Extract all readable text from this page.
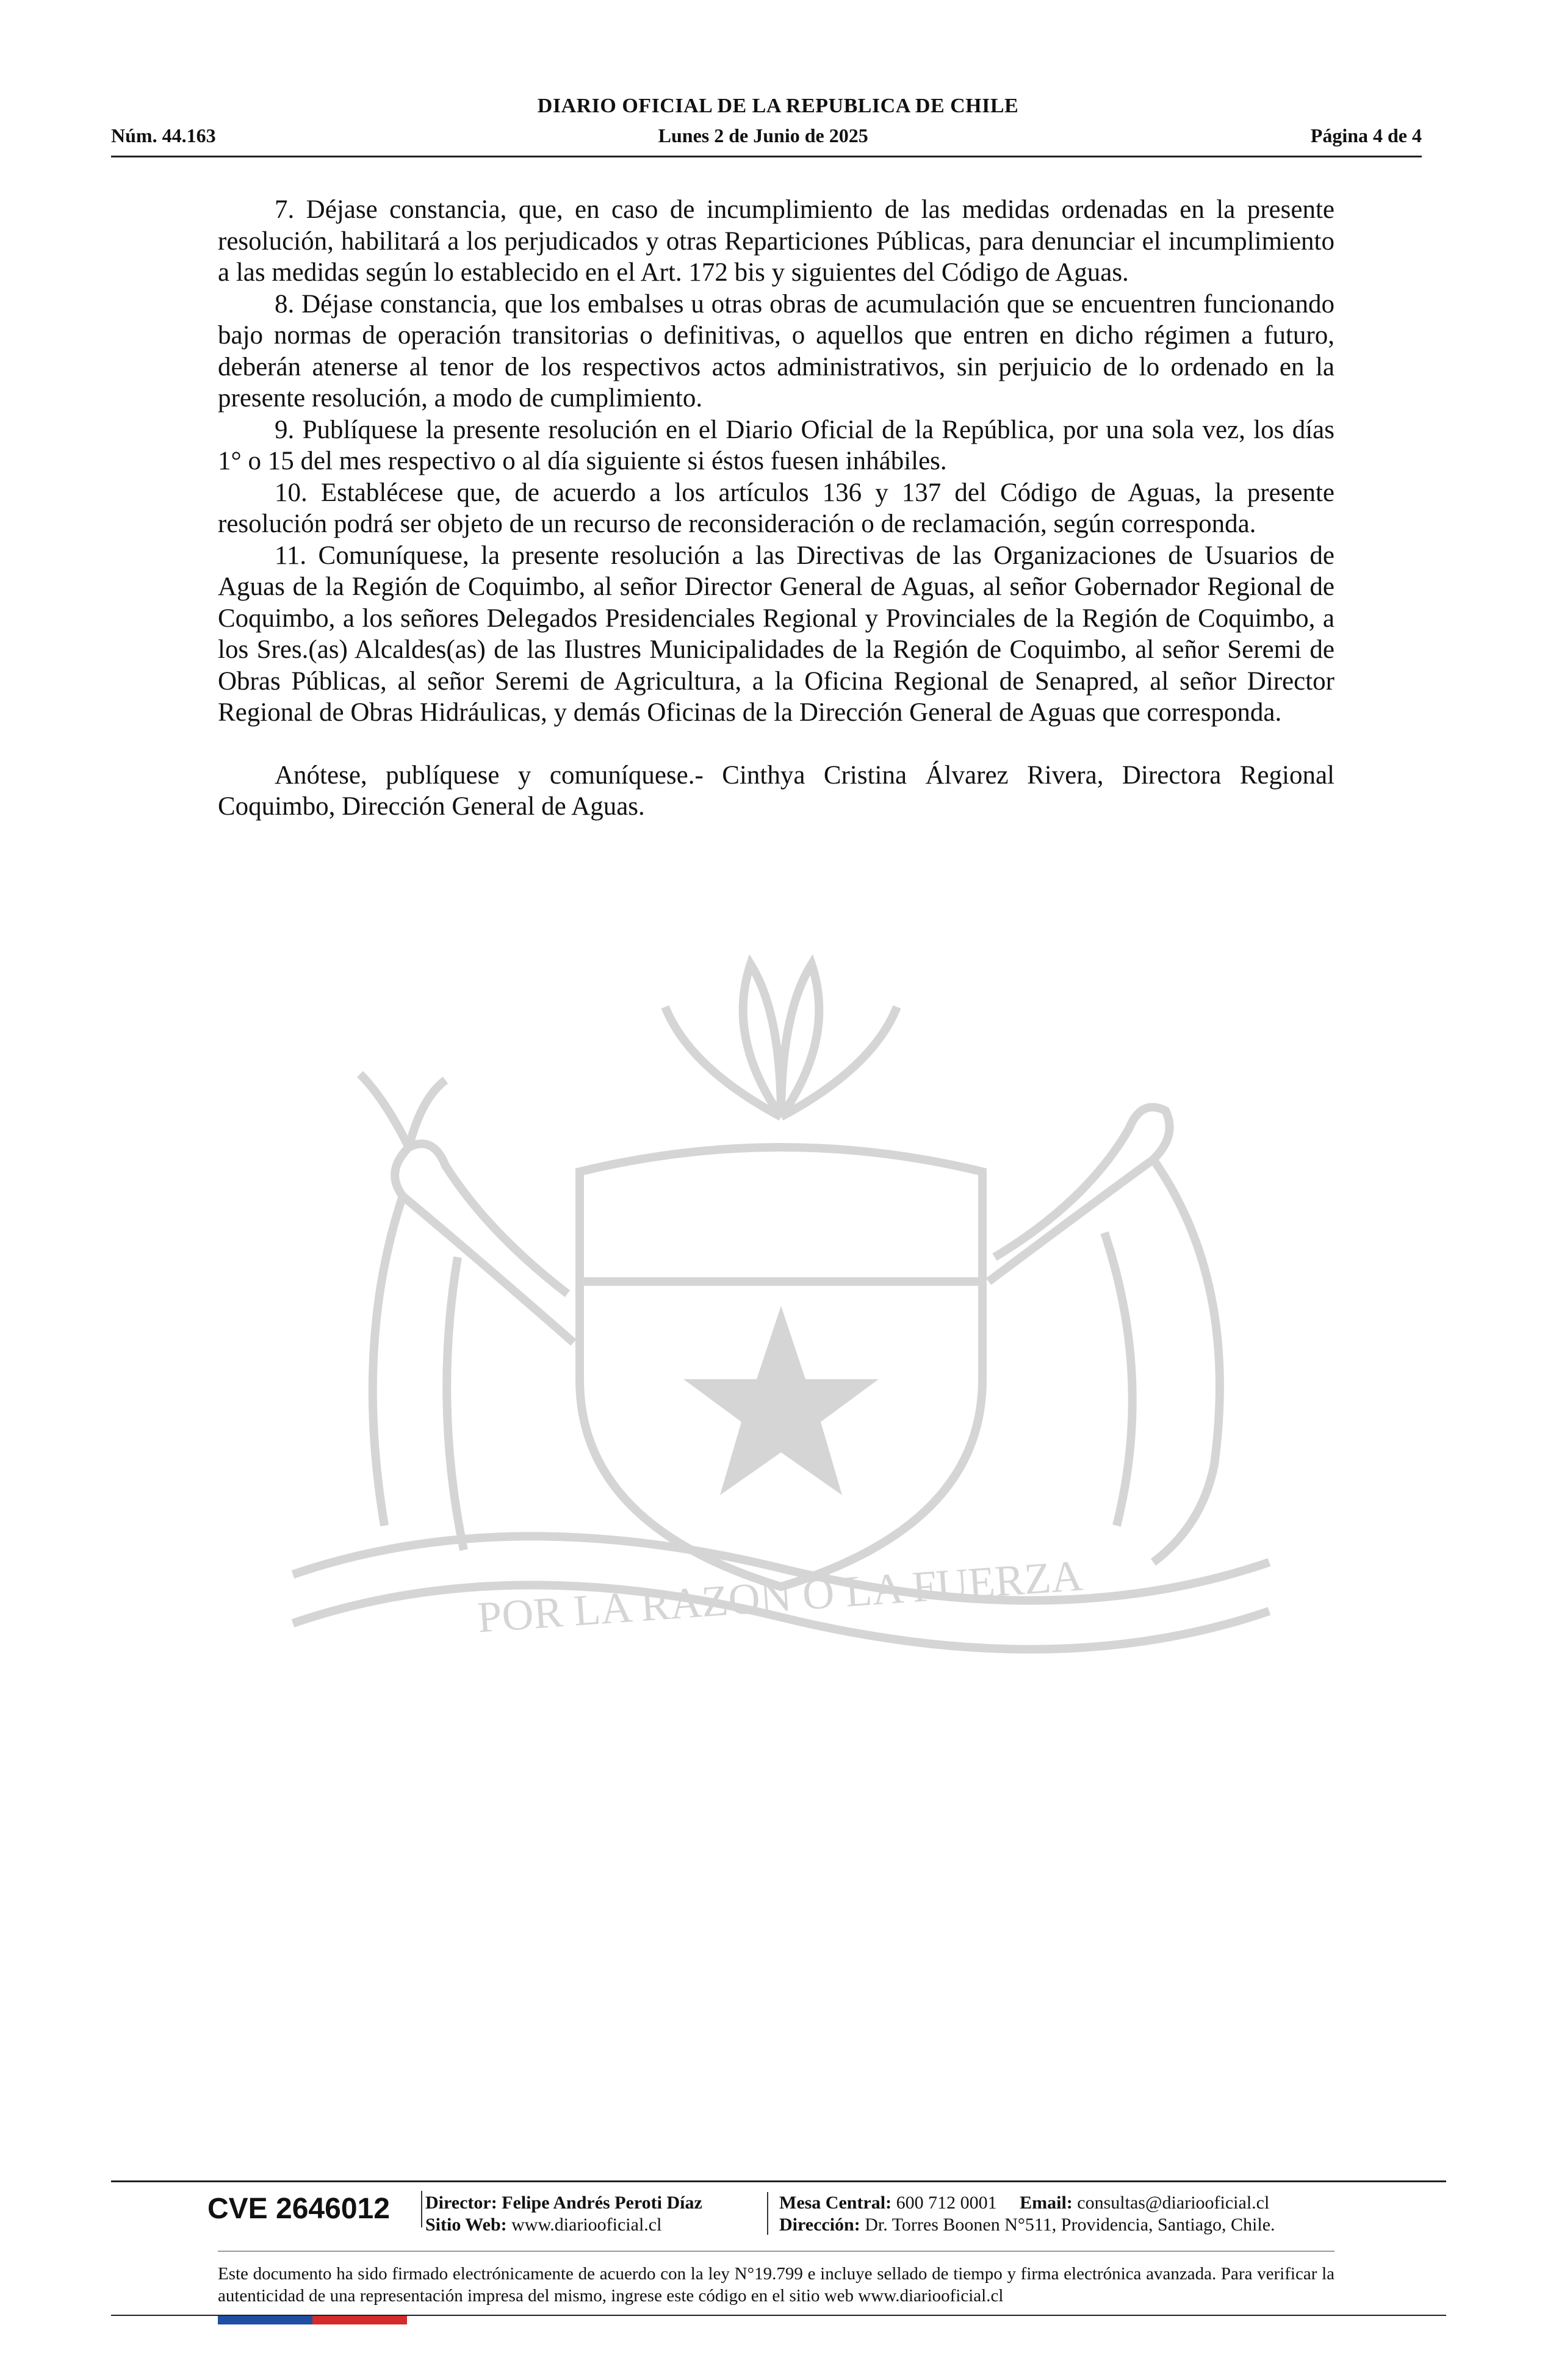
DIARIO OFICIAL DE LA REPUBLICA DE CHILE
Núm. 44.163	Lunes 2 de Junio de 2025	Página 4 de 4
POR LA RAZON O LA FUERZA

7. Déjase constancia, que, en caso de incumplimiento de las medidas ordenadas en la presente resolución, habilitará a los perjudicados y otras Reparticiones Públicas, para denunciar el incumplimiento a las medidas según lo establecido en el Art. 172 bis y siguientes del Código de Aguas.

8. Déjase constancia, que los embalses u otras obras de acumulación que se encuentren funcionando bajo normas de operación transitorias o definitivas, o aquellos que entren en dicho régimen a futuro, deberán atenerse al tenor de los respectivos actos administrativos, sin perjuicio de lo ordenado en la presente resolución, a modo de cumplimiento.

9. Publíquese la presente resolución en el Diario Oficial de la República, por una sola vez, los días 1° o 15 del mes respectivo o al día siguiente si éstos fuesen inhábiles.

10. Establécese que, de acuerdo a los artículos 136 y 137 del Código de Aguas, la presente resolución podrá ser objeto de un recurso de reconsideración o de reclamación, según corresponda.

11. Comuníquese, la presente resolución a las Directivas de las Organizaciones de Usuarios de Aguas de la Región de Coquimbo, al señor Director General de Aguas, al señor Gobernador Regional de Coquimbo, a los señores Delegados Presidenciales Regional y Provinciales de la Región de Coquimbo, a los Sres.(as) Alcaldes(as) de las Ilustres Municipalidades de la Región de Coquimbo, al señor Seremi de Obras Públicas, al señor Seremi de Agricultura, a la Oficina Regional de Senapred, al señor Director Regional de Obras Hidráulicas, y demás Oficinas de la Dirección General de Aguas que corresponda.

Anótese, publíquese y comuníquese.- Cinthya Cristina Álvarez Rivera, Directora Regional Coquimbo, Dirección General de Aguas.

CVE 2646012	Director: Felipe Andrés Peroti Díaz
Sitio Web: www.diariooficial.cl
Mesa Central: 600 712 0001 Email: consultas@diariooficial.cl
Dirección: Dr. Torres Boonen N°511, Providencia, Santiago, Chile.
Este documento ha sido firmado electrónicamente de acuerdo con la ley N°19.799 e incluye sellado de tiempo y firma electrónica avanzada. Para verificar la autenticidad de una representación impresa del mismo, ingrese este código en el sitio web www.diariooficial.cl
